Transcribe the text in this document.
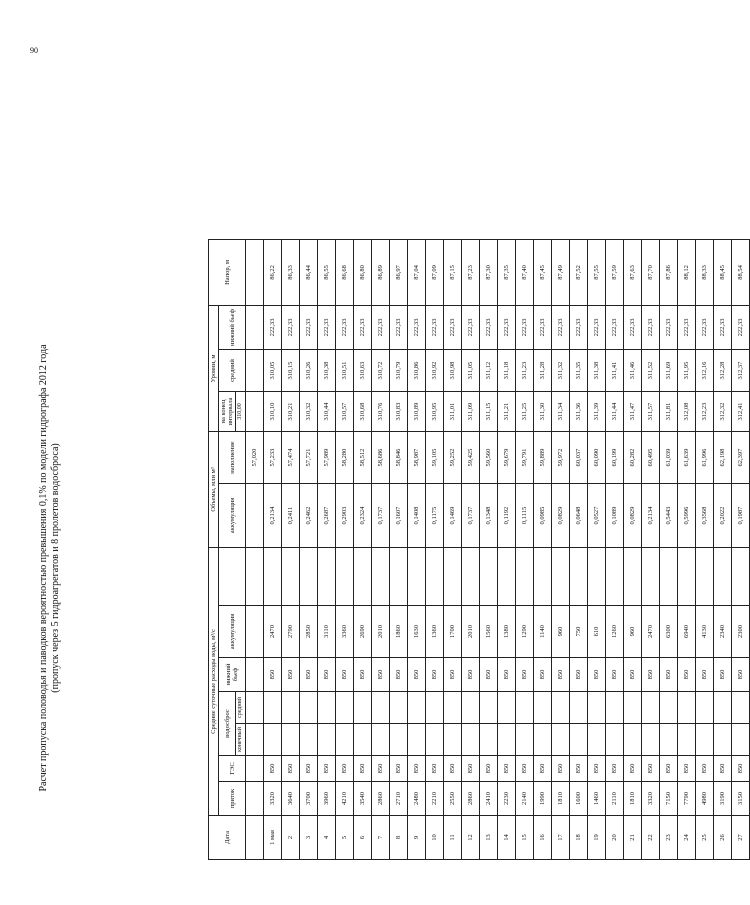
90
Расчет пропуска половодья и паводков вероятностью превышения 0,1% по модели гидрографа 2012 года (пропуск через 5 гидроагрегатов и 8 пролетов водосброса)
Дата	Средние суточные расходы воды, м³/с							Объемы, млн м³		Уровни, м			Напор, м
	приток	ГЭС	водосброс		нижний бьеф	аккумуляция		аккумуляция	наполнение	на конец интервала	средний	нижний бьеф	
			конечный	средний						310,00			
									57,020				
1 мая	3320	850			850	2470		0,2134	57,233	310,10	310,05	222,33	86,22
2	3640	850			850	2790		0,2411	57,474	310,21	310,15	222,33	86,33
3	3700	850			850	2850		0,2462	57,721	310,32	310,26	222,33	86,44
4	3960	850			850	3110		0,2687	57,989	310,44	310,38	222,33	86,55
5	4210	850			850	3360		0,2903	58,280	310,57	310,51	222,33	86,68
6	3540	850			850	2690		0,2324	58,512	310,68	310,63	222,33	86,80
7	2860	850			850	2010		0,1737	58,686	310,76	310,72	222,33	86,89
8	2710	850			850	1860		0,1607	58,846	310,83	310,79	222,33	86,97
9	2480	850			850	1630		0,1408	58,987	310,89	310,86	222,33	87,04
10	2210	850			850	1360		0,1175	59,105	310,95	310,92	222,33	87,09
11	2550	850			850	1700		0,1469	59,252	311,01	310,98	222,33	87,15
12	2860	850			850	2010		0,1737	59,425	311,09	311,05	222,33	87,23
13	2410	850			850	1560		0,1348	59,560	311,15	311,12	222,33	87,30
14	2230	850			850	1380		0,1192	59,679	311,21	311,18	222,33	87,35
15	2140	850			850	1290		0,1115	59,791	311,25	311,23	222,33	87,40
16	1990	850			850	1140		0,0985	59,889	311,30	311,28	222,33	87,45
17	1810	850			850	960		0,0829	59,972	311,34	311,32	222,33	87,49
18	1600	850			850	750		0,0648	60,037	311,36	311,35	222,33	87,52
19	1460	850			850	610		0,0527	60,090	311,39	311,38	222,33	87,55
20	2110	850			850	1260		0,1089	60,199	311,44	311,41	222,33	87,59
21	1810	850			850	960		0,0829	60,282	311,47	311,46	222,33	87,63
22	3320	850			850	2470		0,2134	60,495	311,57	311,52	222,33	87,70
23	7150	850			850	6300		0,5443	61,039	311,81	311,69	222,33	87,86
24	7790	850			850	6940		0,5996	61,639	312,08	311,95	222,33	88,12
25	4980	850			850	4130		0,3568	61,996	312,23	312,16	222,33	88,33
26	3190	850			850	2340		0,2022	62,198	312,32	312,28	222,33	88,45
27	3150	850			850	2300		0,1987	62,397	312,41	312,37	222,33	88,54
